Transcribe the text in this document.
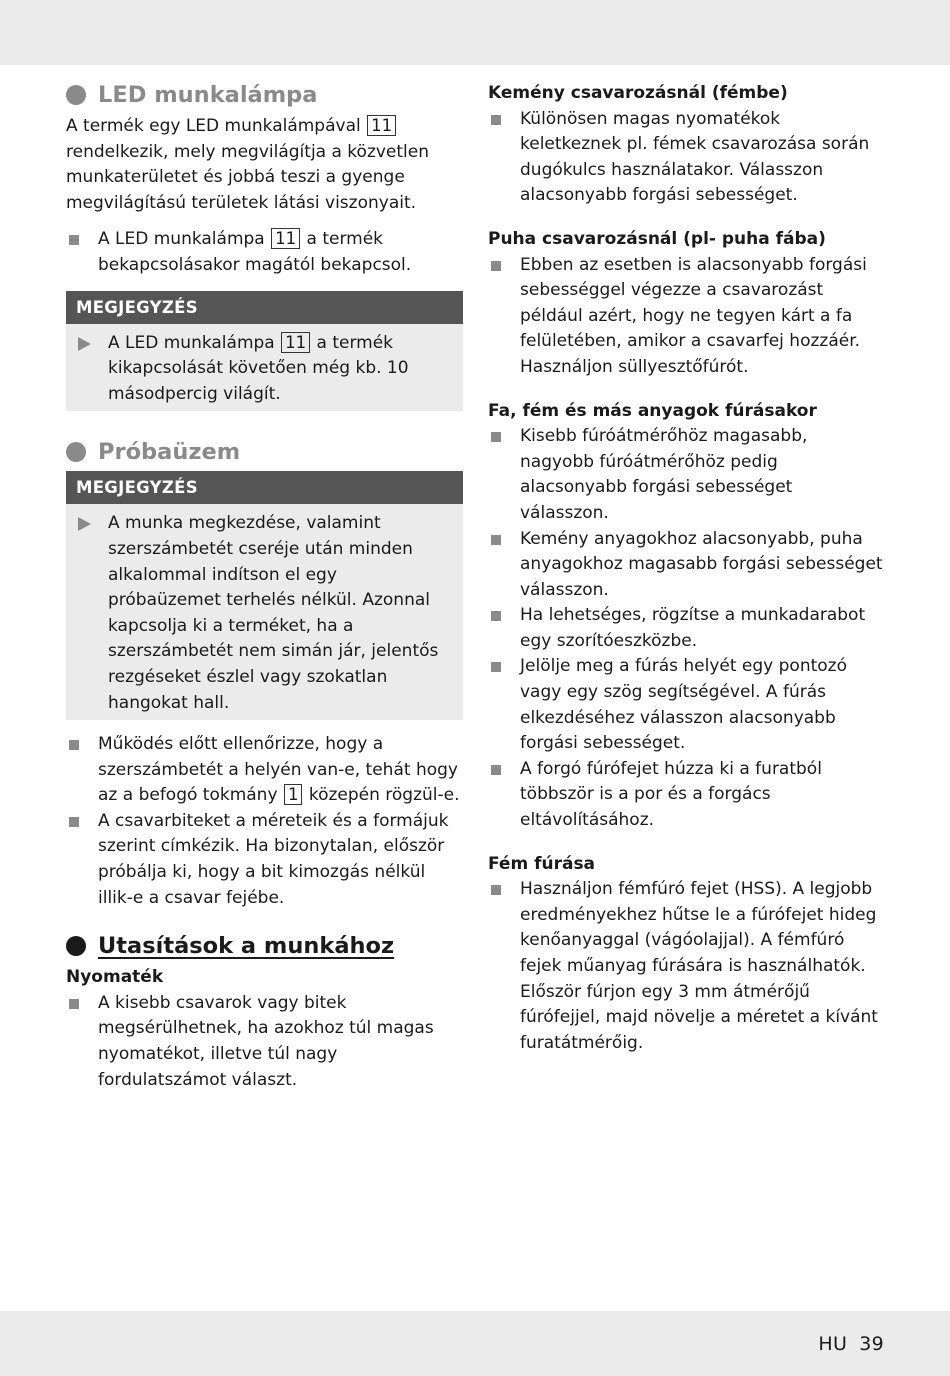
LED munkalámpa

A termék egy LED munkalámpával 11 rendelkezik, mely megvilágítja a közvetlen munkaterületet és jobbá teszi a gyenge megvilágítású területek látási viszonyait.

A LED munkalámpa 11 a termék bekapcsolásakor magától bekapcsol.
MEGJEGYZÉS
A LED munkalámpa 11 a termék kikapcsolását követően még kb. 10 másodpercig világít.
Próbaüzem
MEGJEGYZÉS
A munka megkezdése, valamint szerszámbetét cseréje után minden alkalommal indítson el egy próbaüzemet terhelés nélkül. Azonnal kapcsolja ki a terméket, ha a szerszámbetét nem simán jár, jelentős rezgéseket észlel vagy szokatlan hangokat hall.
Működés előtt ellenőrizze, hogy a szerszámbetét a helyén van-e, tehát hogy az a befogó tokmány 1 közepén rögzül-e.
A csavarbiteket a méreteik és a formájuk szerint címkézik. Ha bizonytalan, először próbálja ki, hogy a bit kimozgás nélkül illik-e a csavar fejébe.
Utasítások a munkához
Nyomaték
A kisebb csavarok vagy bitek megsérülhetnek, ha azokhoz túl magas nyomatékot, illetve túl nagy fordulatszámot választ.
Kemény csavarozásnál (fémbe)
Különösen magas nyomatékok keletkeznek pl. fémek csavarozása során dugókulcs használatakor. Válasszon alacsonyabb forgási sebességet.
Puha csavarozásnál (pl- puha fába)
Ebben az esetben is alacsonyabb forgási sebességgel végezze a csavarozást például azért, hogy ne tegyen kárt a fa felületében, amikor a csavarfej hozzáér. Használjon süllyesztőfúrót.
Fa, fém és más anyagok fúrásakor
Kisebb fúróátmérőhöz magasabb, nagyobb fúróátmérőhöz pedig alacsonyabb forgási sebességet válasszon.
Kemény anyagokhoz alacsonyabb, puha anyagokhoz magasabb forgási sebességet válasszon.
Ha lehetséges, rögzítse a munkadarabot egy szorítóeszközbe.
Jelölje meg a fúrás helyét egy pontozó vagy egy szög segítségével. A fúrás elkezdéséhez válasszon alacsonyabb forgási sebességet.
A forgó fúrófejet húzza ki a furatból többször is a por és a forgács eltávolításához.
Fém fúrása
Használjon fémfúró fejet (HSS). A legjobb eredményekhez hűtse le a fúrófejet hideg kenőanyaggal (vágóolajjal). A fémfúró fejek műanyag fúrására is használhatók. Először fúrjon egy 3 mm átmérőjű fúrófejjel, majd növelje a méretet a kívánt furatátmérőig.
HU 39
